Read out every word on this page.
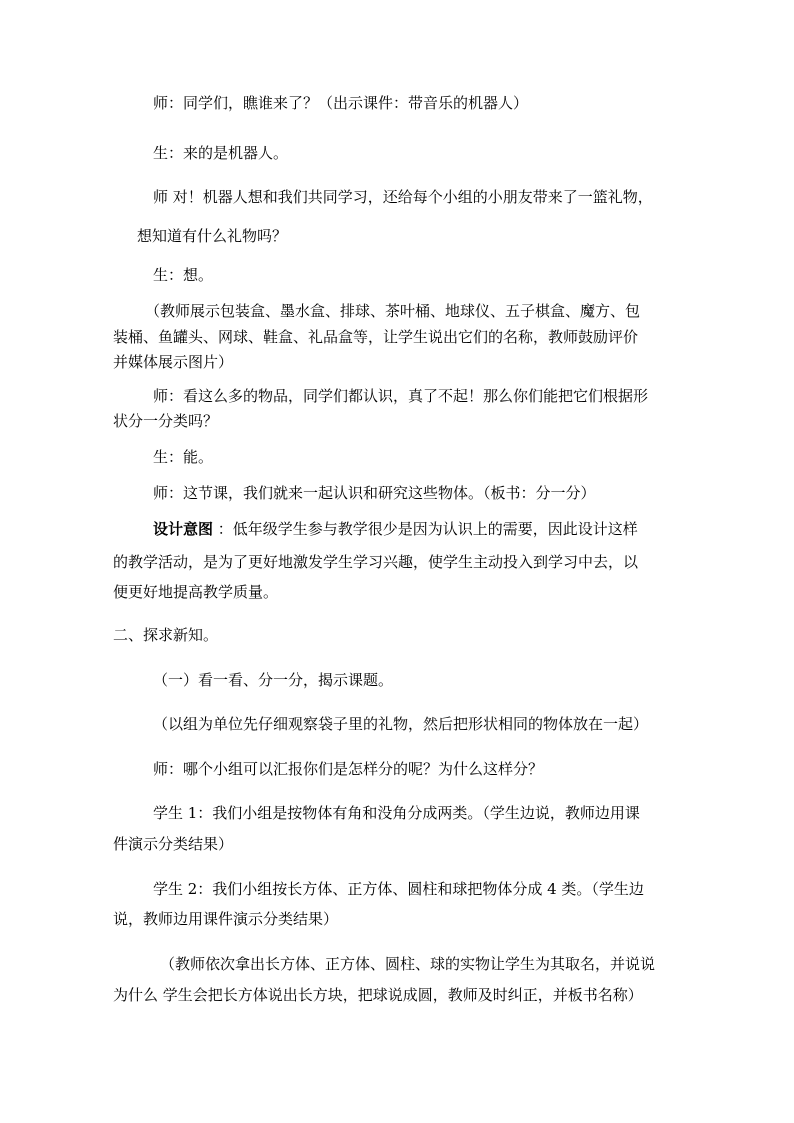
师：同学们，瞧谁来了？（出示课件：带音乐的机器人）
生：来的是机器人。
师 对！机器人想和我们共同学习，还给每个小组的小朋友带来了一篮礼物，
想知道有什么礼物吗？
生：想。
（教师展示包装盒、墨水盒、排球、茶叶桶、地球仪、五子棋盒、魔方、包
装桶、鱼罐头、网球、鞋盒、礼品盒等，让学生说出它们的名称，教师鼓励评价
并媒体展示图片）
师：看这么多的物品，同学们都认识，真了不起！那么你们能把它们根据形
状分一分类吗？
生：能。
师：这节课，我们就来一起认识和研究这些物体。（板书：分一分）
设计意图 ：低年级学生参与教学很少是因为认识上的需要，因此设计这样
的教学活动，是为了更好地激发学生学习兴趣，使学生主动投入到学习中去，以
便更好地提高教学质量。
二、探求新知。
（一）看一看、分一分，揭示课题。
（以组为单位先仔细观察袋子里的礼物，然后把形状相同的物体放在一起）
师：哪个小组可以汇报你们是怎样分的呢？为什么这样分？
学生 1：我们小组是按物体有角和没角分成两类。（学生边说，教师边用课
件演示分类结果）
学生 2：我们小组按长方体、正方体、圆柱和球把物体分成 4 类。（学生边
说，教师边用课件演示分类结果）
（教师依次拿出长方体、正方体、圆柱、球的实物让学生为其取名，并说说
为什么 学生会把长方体说出长方块，把球说成圆，教师及时纠正，并板书名称）
